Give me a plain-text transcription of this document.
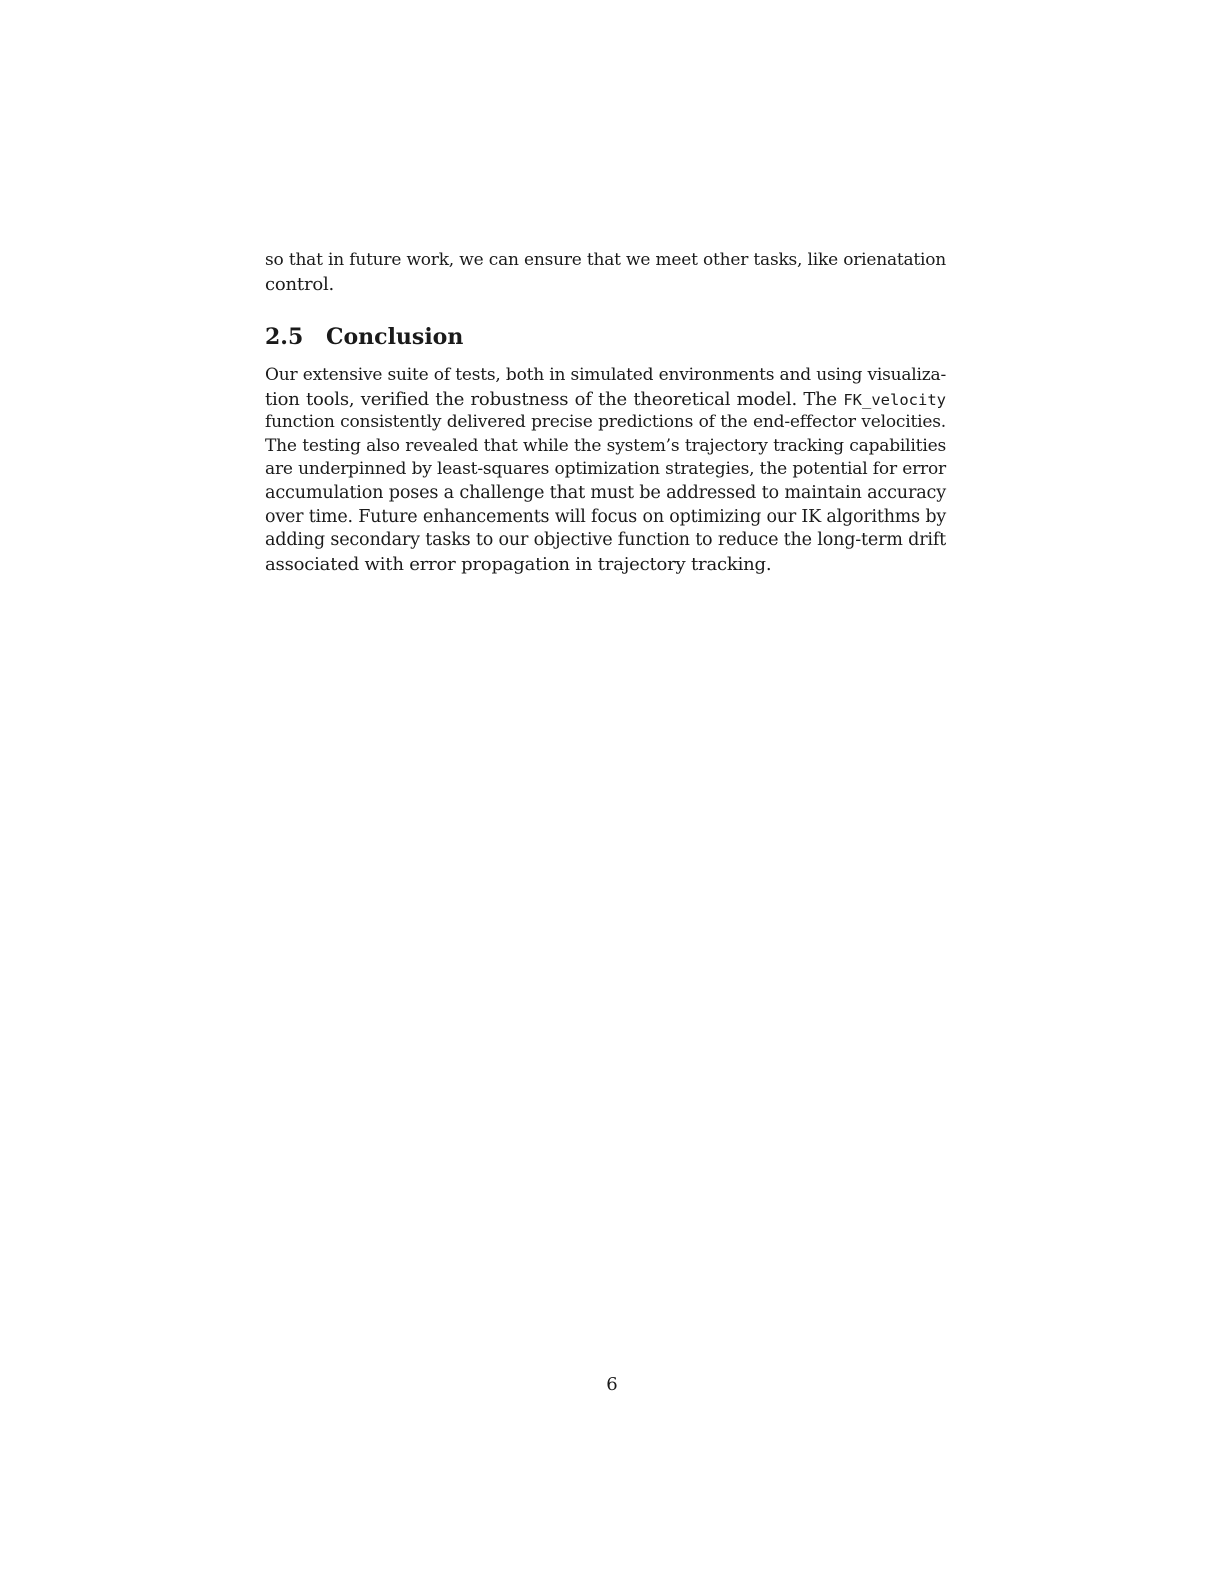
so that in future work, we can ensure that we meet other tasks, like orienatation
control.
2.5 Conclusion
Our extensive suite of tests, both in simulated environments and using visualiza-
tion tools, verified the robustness of the theoretical model. The FK_velocity
function consistently delivered precise predictions of the end-effector velocities.
The testing also revealed that while the system’s trajectory tracking capabilities
are underpinned by least-squares optimization strategies, the potential for error
accumulation poses a challenge that must be addressed to maintain accuracy
over time. Future enhancements will focus on optimizing our IK algorithms by
adding secondary tasks to our objective function to reduce the long-term drift
associated with error propagation in trajectory tracking.
6
